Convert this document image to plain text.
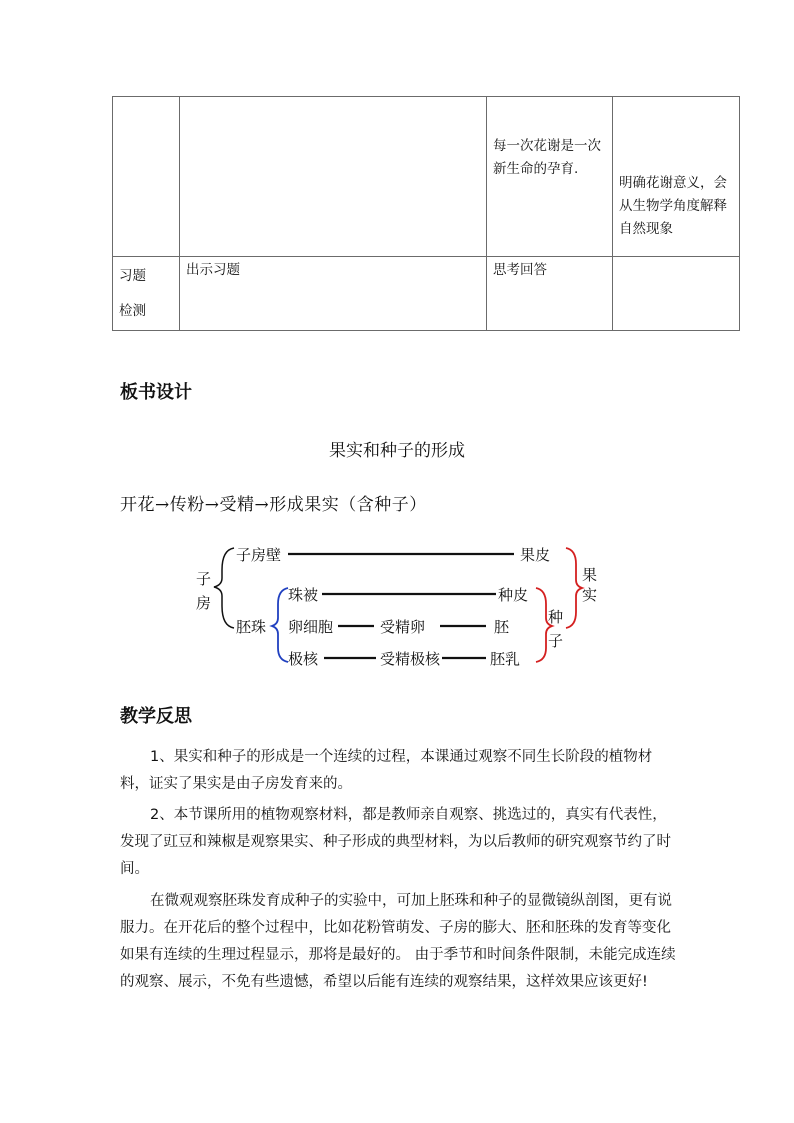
		每一次花谢是一次新生命的孕育.	明确花谢意义，会从生物学角度解释自然现象

习题检测	出示习题	思考回答	

板书设计
果实和种子的形成
开花→传粉→受精→形成果实（含种子）
子
房
子房壁	果皮
珠被	种皮
胚珠 卵细胞	受精卵	胚
极核	受精极核	胚乳
种
子
果
实
教学反思

1、果实和种子的形成是一个连续的过程，本课通过观察不同生长阶段的植物材料，证实了果实是由子房发育来的。

2、本节课所用的植物观察材料，都是教师亲自观察、挑选过的，真实有代表性，发现了豇豆和辣椒是观察果实、种子形成的典型材料，为以后教师的研究观察节约了时间。

在微观观察胚珠发育成种子的实验中，可加上胚珠和种子的显微镜纵剖图，更有说服力。在开花后的整个过程中，比如花粉管萌发、子房的膨大、胚和胚珠的发育等变化如果有连续的生理过程显示，那将是最好的。 由于季节和时间条件限制，未能完成连续的观察、展示，不免有些遗憾，希望以后能有连续的观察结果，这样效果应该更好!
